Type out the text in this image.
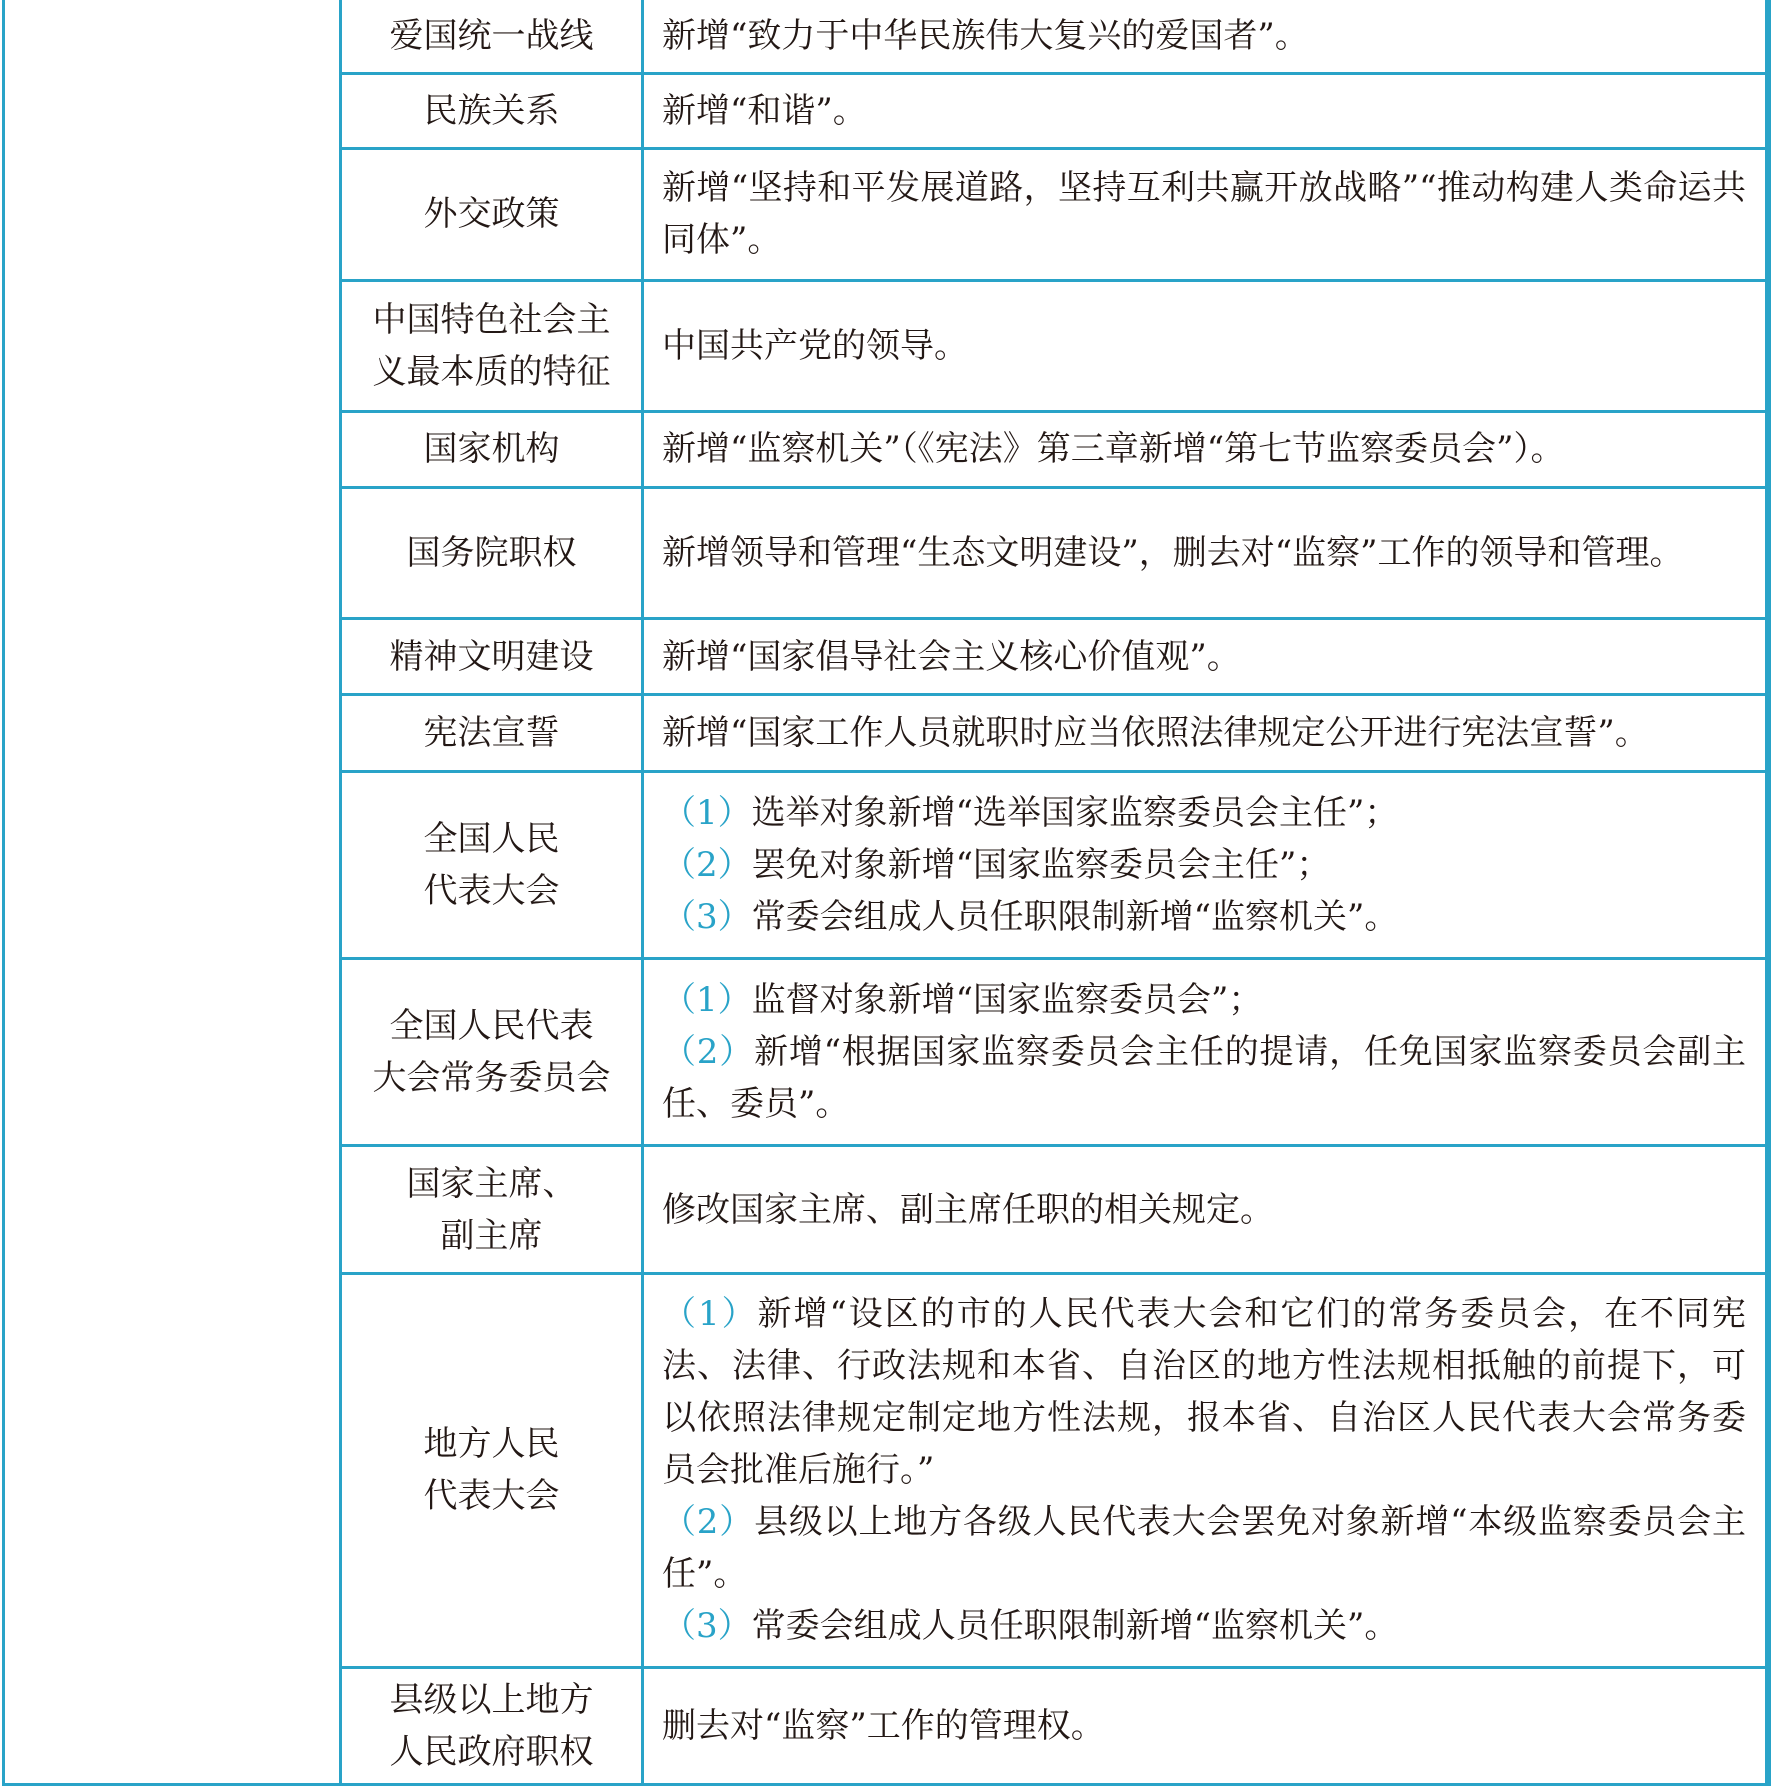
爱国统一战线	新增“致力于中华民族伟大复兴的爱国者”。

民族关系	新增“和谐”。

外交政策	新增“坚持和平发展道路，坚持互利共赢开放战略”“推动构建人类命运共同体”。

中国特色社会主
义最本质的特征	中国共产党的领导。

国家机构	新增“监察机关”（《宪法》第三章新增“第七节监察委员会”）。

国务院职权	新增领导和管理“生态文明建设”，删去对“监察”工作的领导和管理。

精神文明建设	新增“国家倡导社会主义核心价值观”。

宪法宣誓	新增“国家工作人员就职时应当依照法律规定公开进行宪法宣誓”。

全国人民
代表大会	（1）选举对象新增“选举国家监察委员会主任”；
（2）罢免对象新增“国家监察委员会主任”；
（3）常委会组成人员任职限制新增“监察机关”。

全国人民代表
大会常务委员会	（1）监督对象新增“国家监察委员会”；
（2）新增“根据国家监察委员会主任的提请，任免国家监察委员会副主任、委员”。

国家主席、
副主席	修改国家主席、副主席任职的相关规定。

地方人民
代表大会	（1）新增“设区的市的人民代表大会和它们的常务委员会，在不同宪法、法律、行政法规和本省、自治区的地方性法规相抵触的前提下，可以依照法律规定制定地方性法规，报本省、自治区人民代表大会常务委员会批准后施行。”
（2）县级以上地方各级人民代表大会罢免对象新增“本级监察委员会主任”。
（3）常委会组成人员任职限制新增“监察机关”。

县级以上地方
人民政府职权	删去对“监察”工作的管理权。
